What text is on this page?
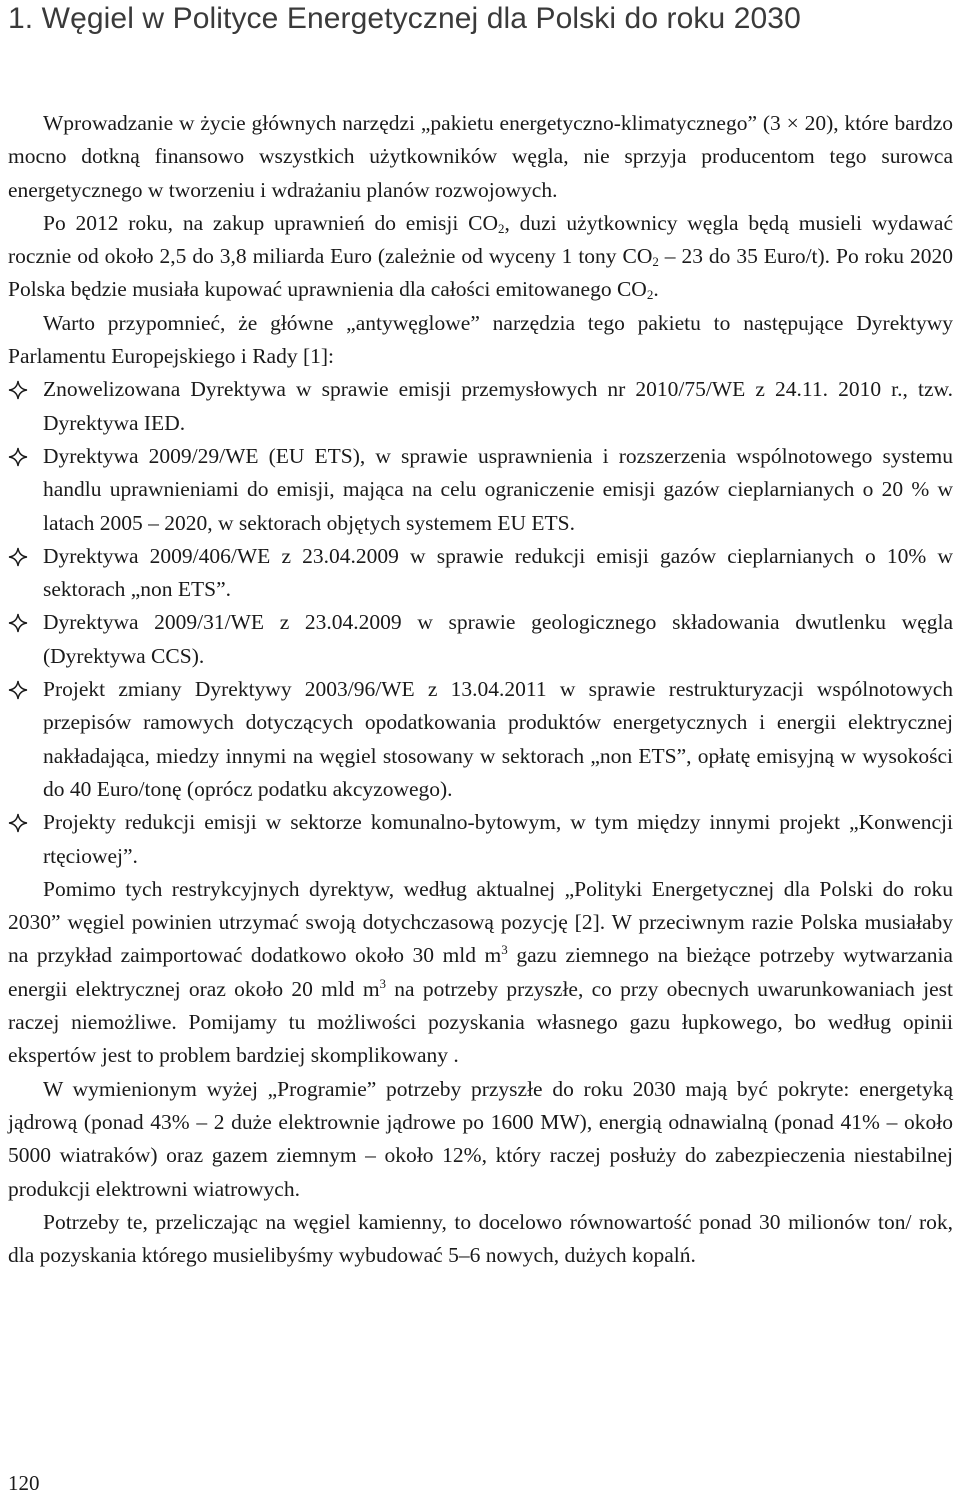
1. Węgiel w Polityce Energetycznej dla Polski do roku 2030

Wprowadzanie w życie głównych narzędzi „pakietu energetyczno-klimatycznego” (3 × 20), które bardzo mocno dotkną finansowo wszystkich użytkowników węgla, nie sprzyja producentom tego surowca energetycznego w tworzeniu i wdrażaniu planów rozwojowych.

Po 2012 roku, na zakup uprawnień do emisji $CO_2$, duzi użytkownicy węgla będą musieli wydawać rocznie od około 2,5 do 3,8 miliarda Euro (zależnie od wyceny 1 tony $CO_2 - 23$ do 35 Euro/t). Po roku 2020 Polska będzie musiała kupować uprawnienia dla całości emitowanego $CO_2$.

Warto przypomnieć, że główne „antywęglowe” narzędzia tego pakietu to następujące Dyrektywy Parlamentu Europejskiego i Rady [1]:

Znowelizowana Dyrektywa w sprawie emisji przemysłowych nr 2010/75/WE z 24.11. 2010 r., tzw. Dyrektywa IED.
Dyrektywa 2009/29/WE (EU ETS), w sprawie usprawnienia i rozszerzenia wspólnotowego systemu handlu uprawnieniami do emisji, mająca na celu ograniczenie emisji gazów cieplarnianych o 20 % w latach 2005 – 2020, w sektorach objętych systemem EU ETS.
Dyrektywa 2009/406/WE z 23.04.2009 w sprawie redukcji emisji gazów cieplarnianych o 10% w sektorach „non ETS”.
Dyrektywa 2009/31/WE z 23.04.2009 w sprawie geologicznego składowania dwutlenku węgla (Dyrektywa CCS).
Projekt zmiany Dyrektywy 2003/96/WE z 13.04.2011 w sprawie restrukturyzacji wspólnotowych przepisów ramowych dotyczących opodatkowania produktów energetycznych i energii elektrycznej nakładająca, miedzy innymi na węgiel stosowany w sektorach „non ETS”, opłatę emisyjną w wysokości do 40 Euro/tonę (oprócz podatku akcyzowego).
Projekty redukcji emisji w sektorze komunalno-bytowym, w tym między innymi projekt „Konwencji rtęciowej”.

Pomimo tych restrykcyjnych dyrektyw, według aktualnej „Polityki Energetycznej dla Polski do roku 2030” węgiel powinien utrzymać swoją dotychczasową pozycję [2]. W przeciwnym razie Polska musiałaby na przykład zaimportować dodatkowo około 30 mld $m^3$ gazu ziemnego na bieżące potrzeby wytwarzania energii elektrycznej oraz około 20 mld $m^3$ na potrzeby przyszłe, co przy obecnych uwarunkowaniach jest raczej niemożliwe. Pomijamy tu możliwości pozyskania własnego gazu łupkowego, bo według opinii ekspertów jest to problem bardziej skomplikowany .

W wymienionym wyżej „Programie” potrzeby przyszłe do roku 2030 mają być pokryte: energetyką jądrową (ponad 43% – 2 duże elektrownie jądrowe po 1600 MW), energią odnawialną (ponad 41% – około 5000 wiatraków) oraz gazem ziemnym – około 12%, który raczej posłuży do zabezpieczenia niestabilnej produkcji elektrowni wiatrowych.

Potrzeby te, przeliczając na węgiel kamienny, to docelowo równowartość ponad 30 milionów ton/ rok, dla pozyskania którego musielibyśmy wybudować 5–6 nowych, dużych kopalń.

120
